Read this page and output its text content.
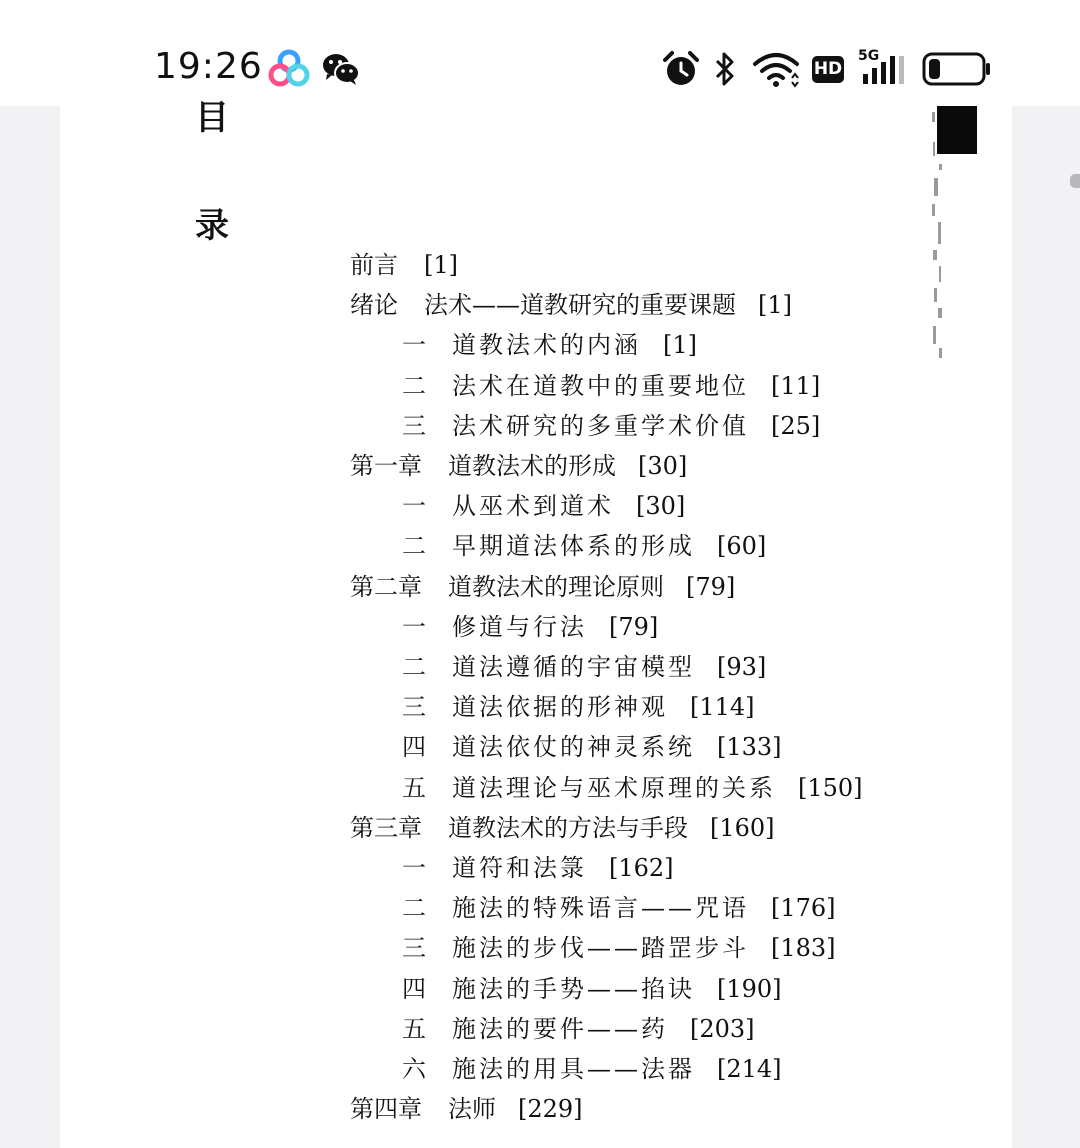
19:26	HD
5G
目
录
前言 [1]
绪论 法术——道教研究的重要课题 [1]
一 道教法术的内涵 [1]
二 法术在道教中的重要地位 [11]
三 法术研究的多重学术价值 [25]
第一章 道教法术的形成 [30]
一 从巫术到道术 [30]
二 早期道法体系的形成 [60]
第二章 道教法术的理论原则 [79]
一 修道与行法 [79]
二 道法遵循的宇宙模型 [93]
三 道法依据的形神观 [114]
四 道法依仗的神灵系统 [133]
五 道法理论与巫术原理的关系 [150]
第三章 道教法术的方法与手段 [160]
一 道符和法箓 [162]
二 施法的特殊语言——咒语 [176]
三 施法的步伐——踏罡步斗 [183]
四 施法的手势——掐诀 [190]
五 施法的要件——药 [203]
六 施法的用具——法器 [214]
第四章 法师 [229]
